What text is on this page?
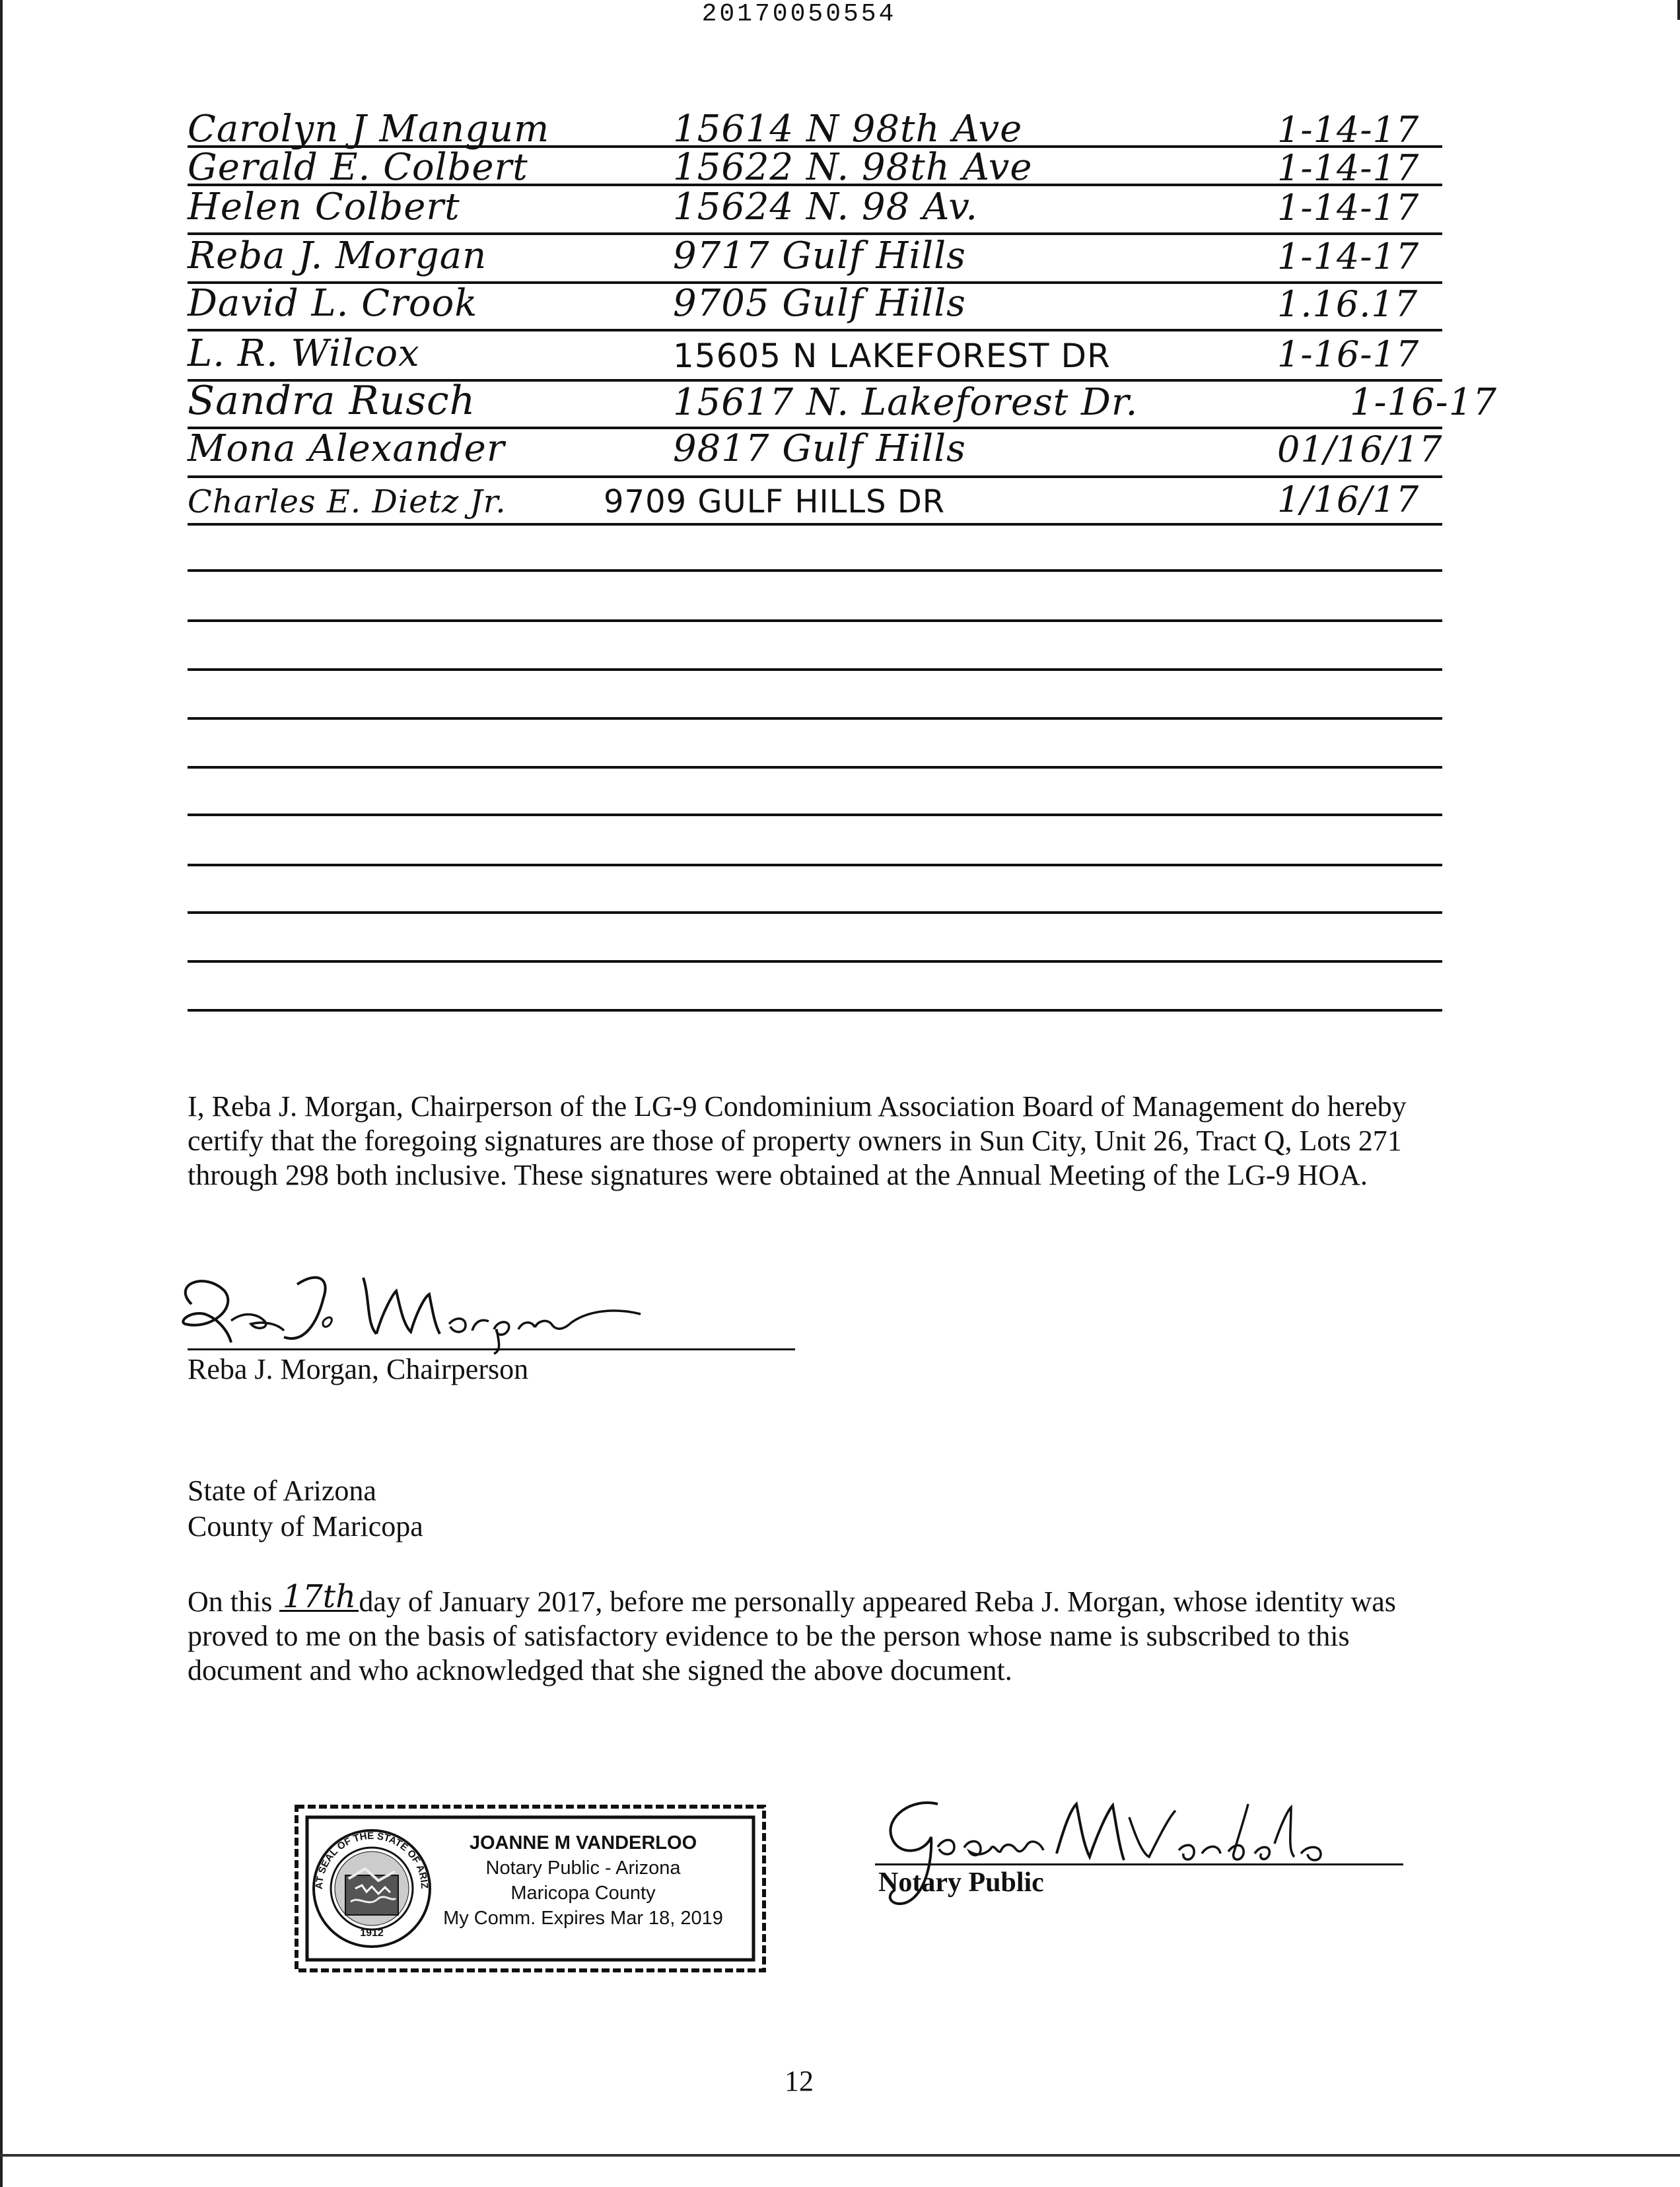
20170050554
Carolyn J Mangum	15614 N 98th Ave	1-14-17
Gerald E. Colbert	15622 N. 98th Ave	1-14-17
Helen Colbert	15624 N. 98 Av.	1-14-17
Reba J. Morgan	9717 Gulf Hills	1-14-17
David L. Crook	9705 Gulf Hills	1.16.17
L. R. Wilcox	15605 N LAKEFOREST DR	1-16-17
Sandra Rusch	15617 N. Lakeforest Dr.	1-16-17
Mona Alexander	9817 Gulf Hills	01/16/17
Charles E. Dietz Jr.	9709 GULF HILLS DR	1/16/17
I, Reba J. Morgan, Chairperson of the LG-9 Condominium Association Board of Management do hereby certify that the foregoing signatures are those of property owners in Sun City, Unit 26, Tract Q, Lots 271 through 298 both inclusive. These signatures were obtained at the Annual Meeting of the LG-9 HOA.
Reba J. Morgan, Chairperson
State of Arizona
County of Maricopa
On this 17thday of January 2017, before me personally appeared Reba J. Morgan, whose identity was proved to me on the basis of satisfactory evidence to be the person whose name is subscribed to this document and who acknowledged that she signed the above document.
1912
AT SEAL OF THE STATE OF ARIZ
JOANNE M VANDERLOO
Notary Public - Arizona
Maricopa County
My Comm. Expires Mar 18, 2019
Notary Public
12
